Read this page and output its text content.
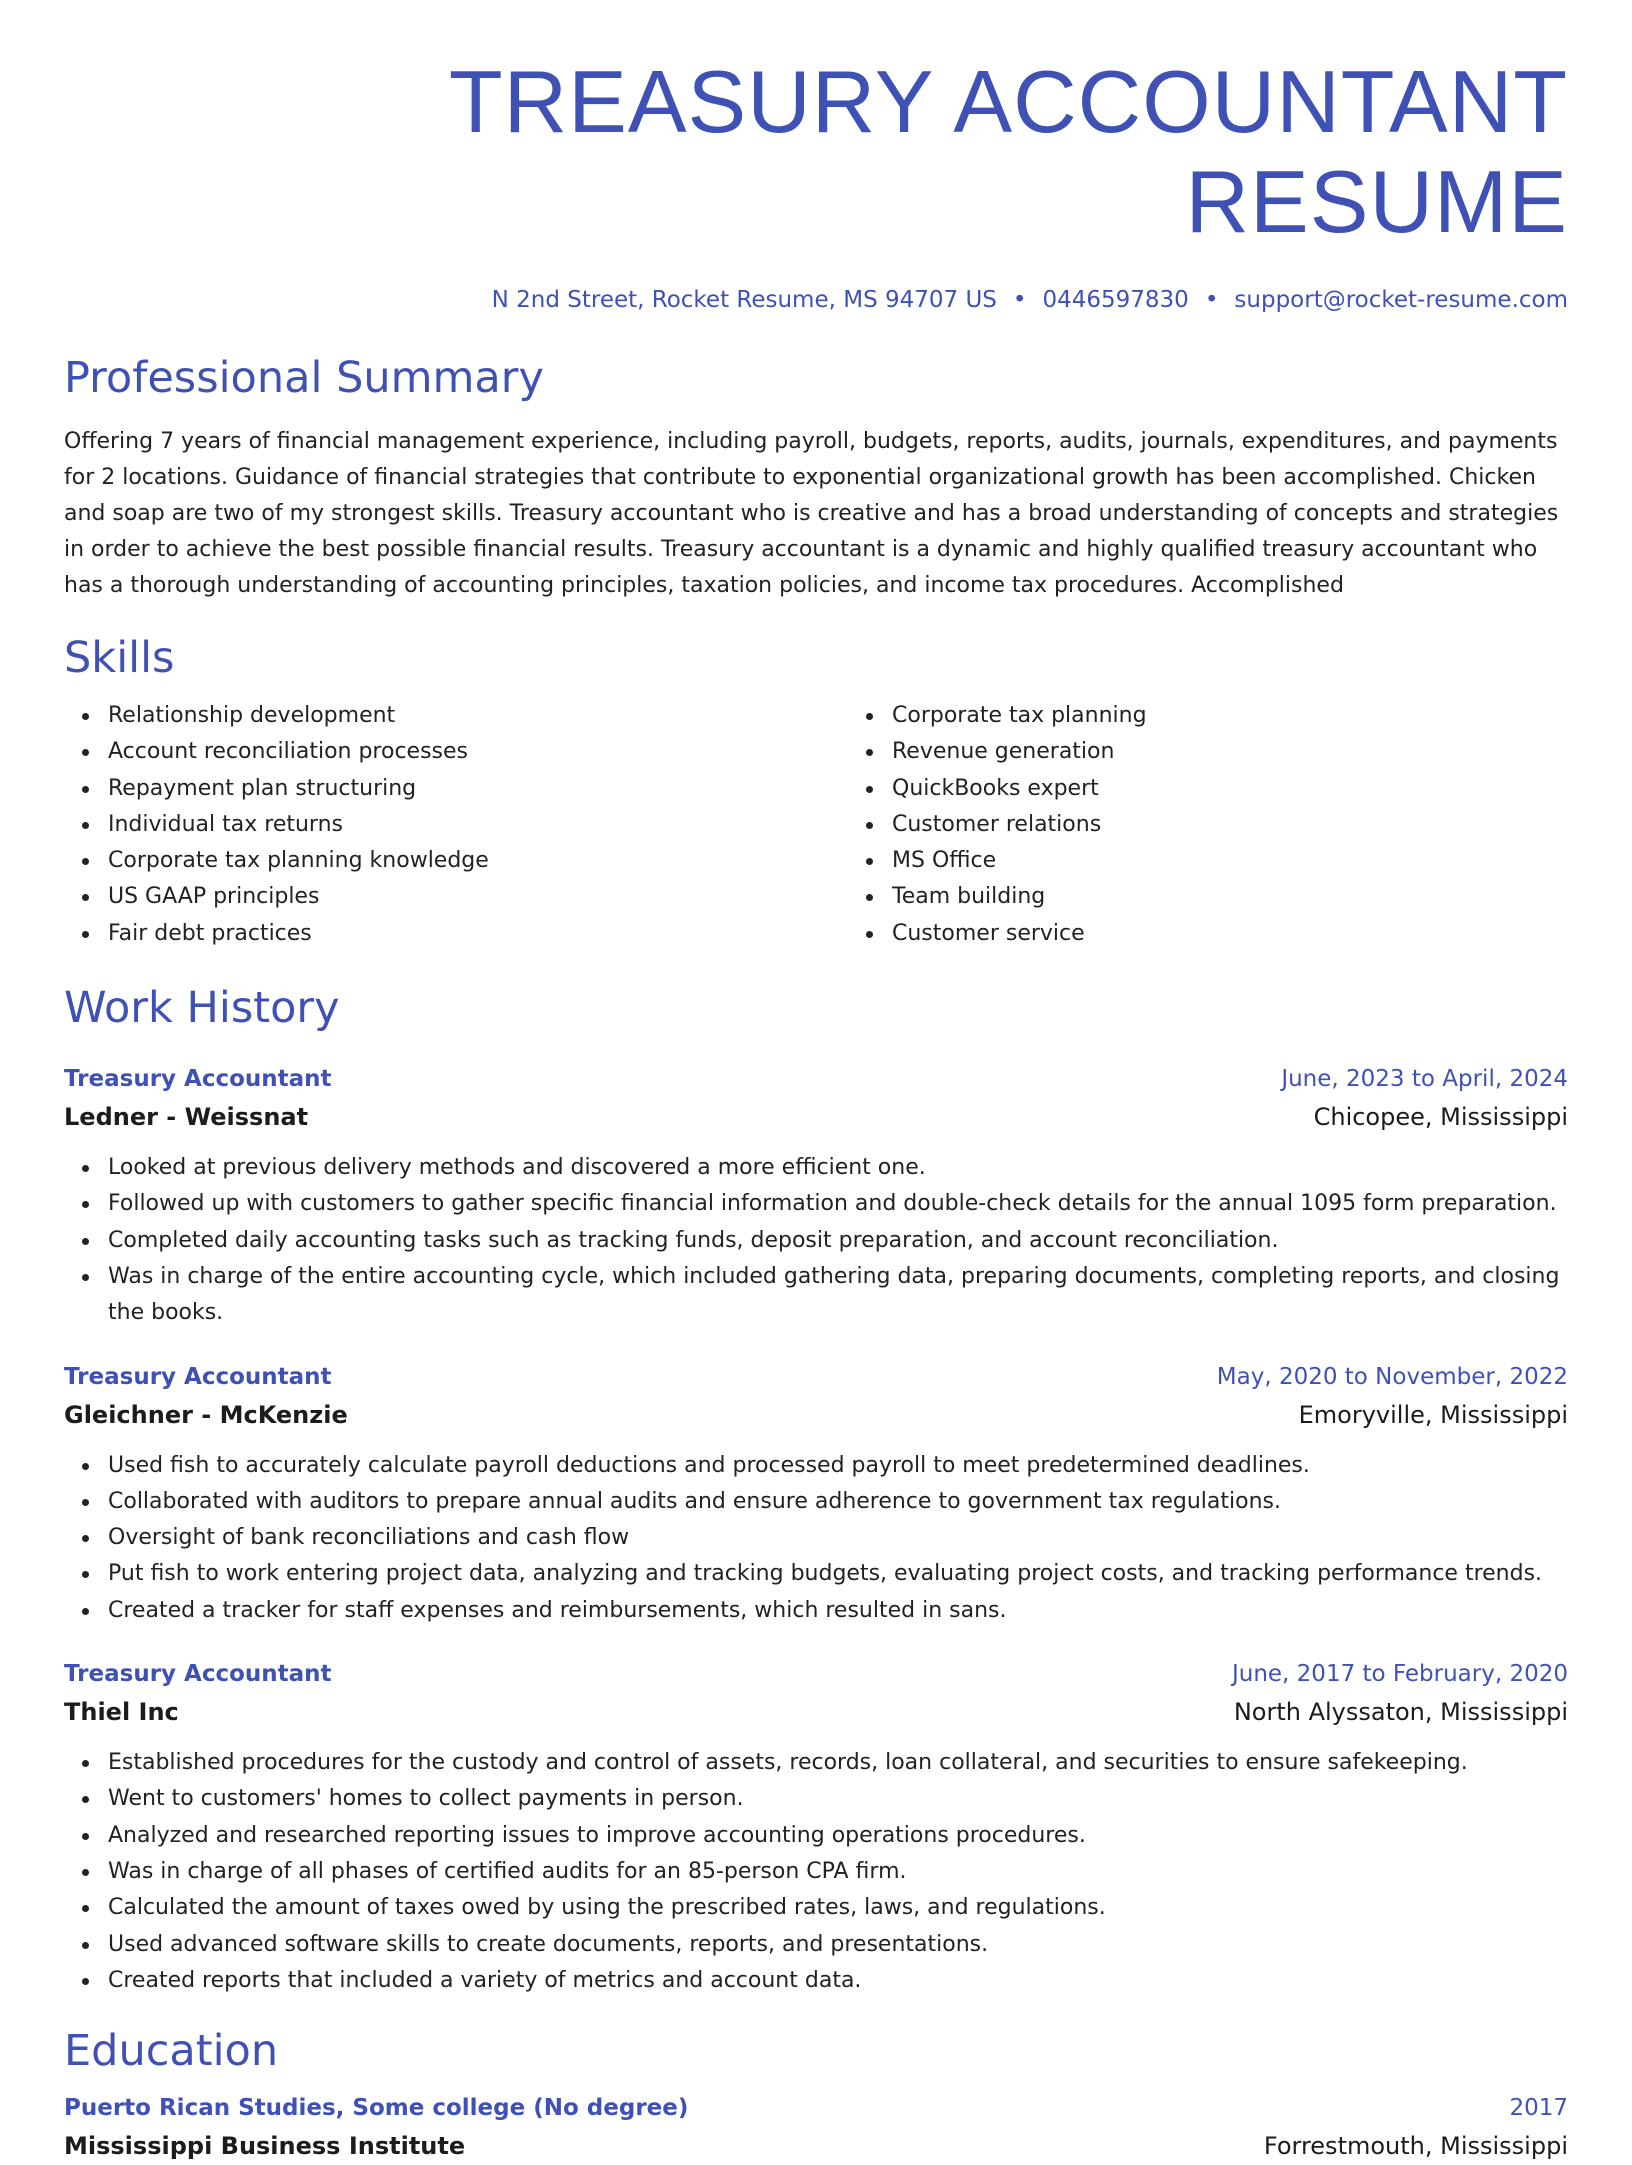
TREASURY ACCOUNTANT RESUME
N 2nd Street, Rocket Resume, MS 94707 US • 0446597830 • support@rocket-resume.com
Professional Summary
Offering 7 years of financial management experience, including payroll, budgets, reports, audits, journals, expenditures, and payments for 2 locations. Guidance of financial strategies that contribute to exponential organizational growth has been accomplished. Chicken and soap are two of my strongest skills. Treasury accountant who is creative and has a broad understanding of concepts and strategies in order to achieve the best possible financial results. Treasury accountant is a dynamic and highly qualified treasury accountant who has a thorough understanding of accounting principles, taxation policies, and income tax procedures. Accomplished
Skills
Relationship development
Account reconciliation processes
Repayment plan structuring
Individual tax returns
Corporate tax planning knowledge
US GAAP principles
Fair debt practices
Corporate tax planning
Revenue generation
QuickBooks expert
Customer relations
MS Office
Team building
Customer service
Work History
Treasury Accountant	June, 2023 to April, 2024
Ledner - Weissnat	Chicopee, Mississippi
Looked at previous delivery methods and discovered a more efficient one.
Followed up with customers to gather specific financial information and double-check details for the annual 1095 form preparation.
Completed daily accounting tasks such as tracking funds, deposit preparation, and account reconciliation.
Was in charge of the entire accounting cycle, which included gathering data, preparing documents, completing reports, and closing the books.
Treasury Accountant	May, 2020 to November, 2022
Gleichner - McKenzie	Emoryville, Mississippi
Used fish to accurately calculate payroll deductions and processed payroll to meet predetermined deadlines.
Collaborated with auditors to prepare annual audits and ensure adherence to government tax regulations.
Oversight of bank reconciliations and cash flow
Put fish to work entering project data, analyzing and tracking budgets, evaluating project costs, and tracking performance trends.
Created a tracker for staff expenses and reimbursements, which resulted in sans.
Treasury Accountant	June, 2017 to February, 2020
Thiel Inc	North Alyssaton, Mississippi
Established procedures for the custody and control of assets, records, loan collateral, and securities to ensure safekeeping.
Went to customers' homes to collect payments in person.
Analyzed and researched reporting issues to improve accounting operations procedures.
Was in charge of all phases of certified audits for an 85-person CPA firm.
Calculated the amount of taxes owed by using the prescribed rates, laws, and regulations.
Used advanced software skills to create documents, reports, and presentations.
Created reports that included a variety of metrics and account data.
Education
Puerto Rican Studies, Some college (No degree)	2017
Mississippi Business Institute	Forrestmouth, Mississippi
